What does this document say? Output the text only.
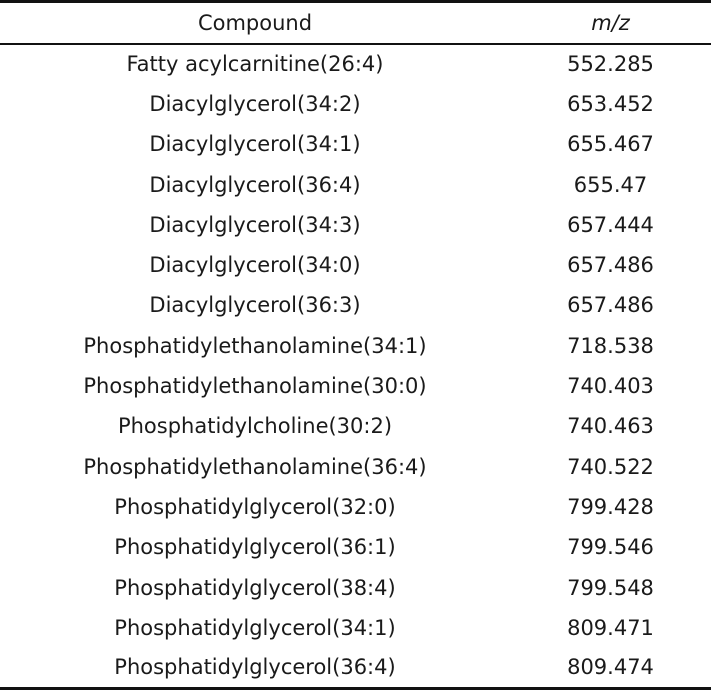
Compound	m/z
Fatty acylcarnitine(26:4)	552.285
Diacylglycerol(34:2)	653.452
Diacylglycerol(34:1)	655.467
Diacylglycerol(36:4)	655.47
Diacylglycerol(34:3)	657.444
Diacylglycerol(34:0)	657.486
Diacylglycerol(36:3)	657.486
Phosphatidylethanolamine(34:1)	718.538
Phosphatidylethanolamine(30:0)	740.403
Phosphatidylcholine(30:2)	740.463
Phosphatidylethanolamine(36:4)	740.522
Phosphatidylglycerol(32:0)	799.428
Phosphatidylglycerol(36:1)	799.546
Phosphatidylglycerol(38:4)	799.548
Phosphatidylglycerol(34:1)	809.471
Phosphatidylglycerol(36:4)	809.474
